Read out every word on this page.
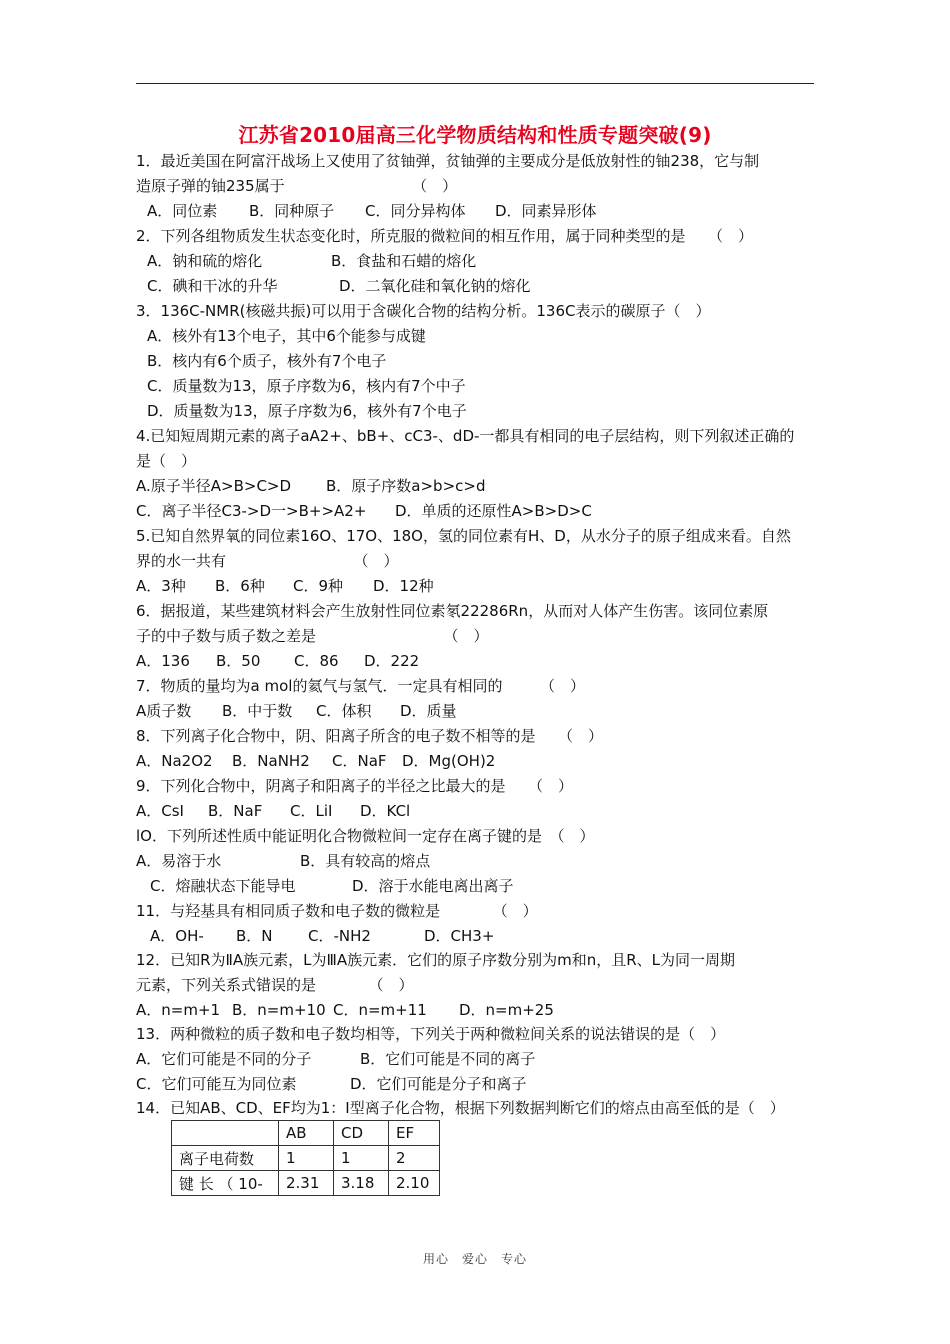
江苏省2010届高三化学物质结构和性质专题突破(9)
1．最近美国在阿富汗战场上又使用了贫铀弹，贫铀弹的主要成分是低放射性的铀238，它与制
造原子弹的铀235属于　　　　　　　　　（　）
A．同位素 B．同种原子 C．同分异构体 D．同素异形体
2．下列各组物质发生状态变化时，所克服的微粒间的相互作用，属于同种类型的是　　（　）
A．钠和硫的熔化	B．食盐和石蜡的熔化
C．碘和干冰的升华	D．二氧化硅和氧化钠的熔化
3．136C-NMR(核磁共振)可以用于含碳化合物的结构分析。136C表示的碳原子（　）
A．核外有13个电子，其中6个能参与成键
B．核内有6个质子，核外有7个电子
C．质量数为13，原子序数为6，核内有7个中子
D．质量数为13，原子序数为6，核外有7个电子
4.已知短周期元素的离子aA2+、bB+、cC3-、dD-一都具有相同的电子层结构，则下列叙述正确的
是（　）
A.原子半径A>B>C>D B．原子序数a>b>c>d
C．离子半径C3->D一>B+>A2+ D．单质的还原性A>B>D>C
5.已知自然界氧的同位素16O、17O、18O，氢的同位素有H、D，从水分子的原子组成来看。自然
界的水一共有　　　　　　　　　（　）
A．3种 B．6种 C．9种 D．12种
6．据报道，某些建筑材料会产生放射性同位素氡22286Rn，从而对人体产生伤害。该同位素原
子的中子数与质子数之差是　　　　　　　　　（　）
A．136 B．50 C．86 D．222
7．物质的量均为a mol的氦气与氢气．一定具有相同的　　　（　）
A质子数 B．中于数 C．体积 D．质量
8．下列离子化合物中，阴、阳离子所含的电子数不相等的是　　（　）
A．Na2O2 B．NaNH2 C．NaF D．Mg(OH)2
9．下列化合物中，阴离子和阳离子的半径之比最大的是　　（　）
A．CsI B．NaF C．LiI D．KCl
lO．下列所述性质中能证明化合物微粒间一定存在离子键的是　（　）
A．易溶于水	B．具有较高的熔点
C．熔融状态下能导电	D．溶于水能电离出离子
11．与羟基具有相同质子数和电子数的微粒是　　　　（　）
A．OH- B．N C．-NH2	D．CH3+
12．已知R为ⅡA族元素，L为ⅢA族元素．它们的原子序数分别为m和n，且R、L为同一周期
元素，下列关系式错误的是　　　　（　）
A．n=m+1 B．n=m+10 C．n=m+11 D．n=m+25
13．两种微粒的质子数和电子数均相等，下列关于两种微粒间关系的说法错误的是（　）
A．它们可能是不同的分子	B．它们可能是不同的离子
C．它们可能互为同位素	D．它们可能是分子和离子
14．已知AB、CD、EF均为1：I型离子化合物，根据下列数据判断它们的熔点由高至低的是（　）
	AB	CD	EF
离子电荷数	1	1	2
键 长 （ 10-	2.31	3.18	2.10
用心　爱心　专心
